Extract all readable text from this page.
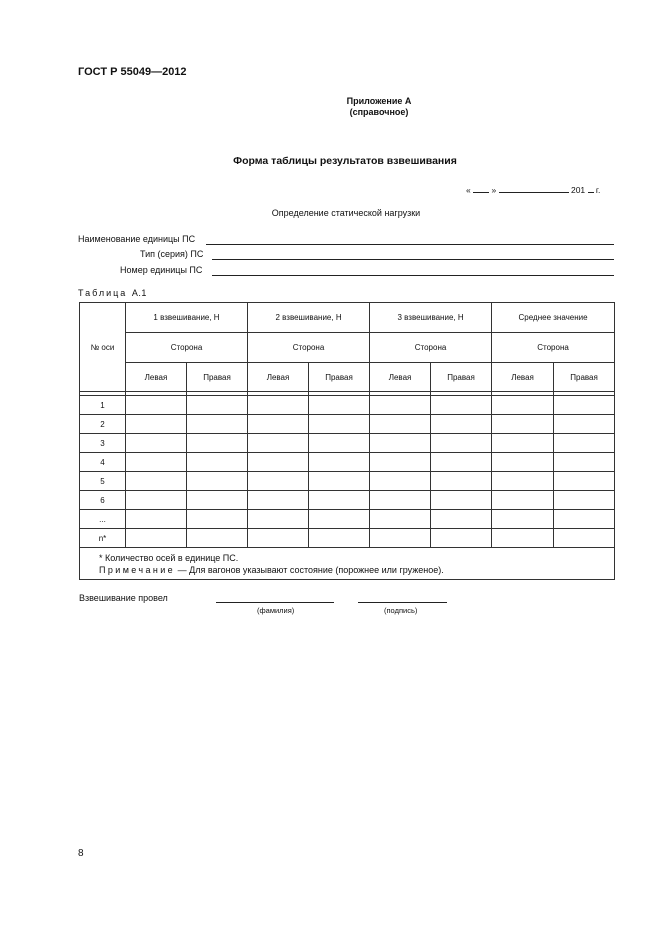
ГОСТ Р 55049—2012
Приложение А
(справочное)
Форма таблицы результатов взвешивания
« »	201 г.
Определение статической нагрузки
Наименование единицы ПС
Тип (серия) ПС
Номер единицы ПС
Таблица А.1
№ оси	1 взвешивание, Н		2 взвешивание, Н		3 взвешивание, Н		Среднее значение	
	Сторона		Сторона		Сторона		Сторона	
	Левая	Правая	Левая	Правая	Левая	Правая	Левая	Правая

1								
2								
3								
4								
5								
6								
...								
n*								

* Количество осей в единице ПС.
Примечание — Для вагонов указывают состояние (порожнее или груженое).								
Взвешивание провел
(фамилия)	(подпись)
8
